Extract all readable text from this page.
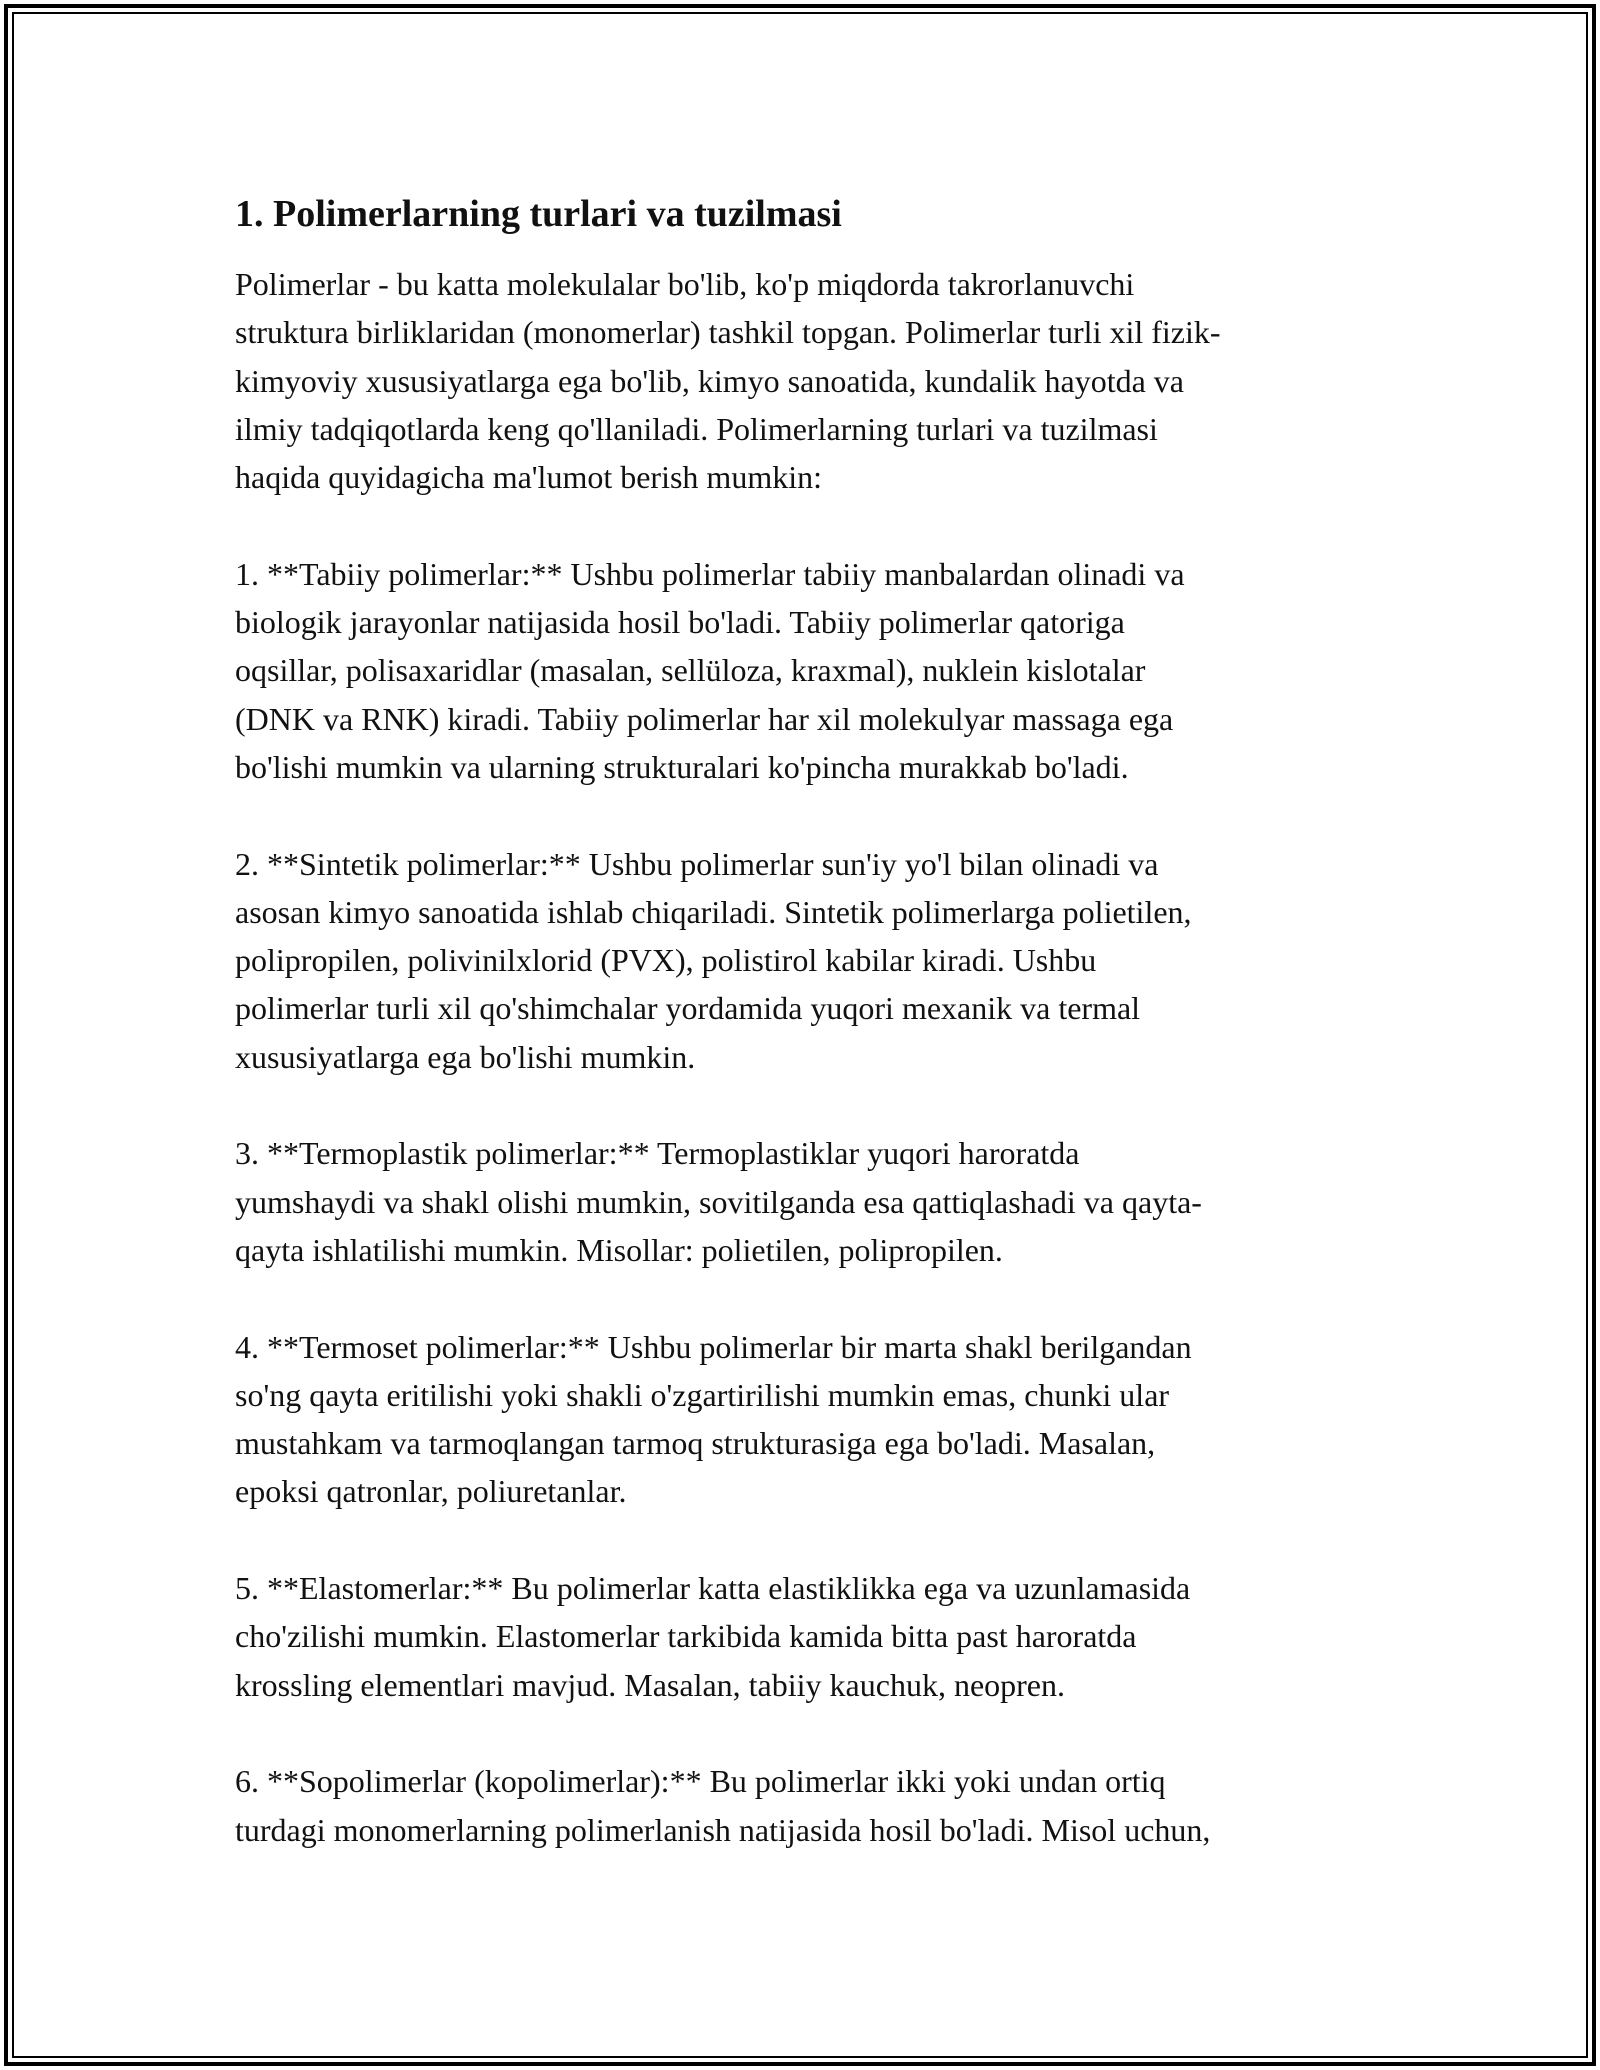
1. Polimerlarning turlari va tuzilmasi

Polimerlar - bu katta molekulalar bo'lib, ko'p miqdorda takrorlanuvchi
struktura birliklaridan (monomerlar) tashkil topgan. Polimerlar turli xil fizik-
kimyoviy xususiyatlarga ega bo'lib, kimyo sanoatida, kundalik hayotda va
ilmiy tadqiqotlarda keng qo'llaniladi. Polimerlarning turlari va tuzilmasi
haqida quyidagicha ma'lumot berish mumkin:

1. **Tabiiy polimerlar:** Ushbu polimerlar tabiiy manbalardan olinadi va
biologik jarayonlar natijasida hosil bo'ladi. Tabiiy polimerlar qatoriga
oqsillar, polisaxaridlar (masalan, sellüloza, kraxmal), nuklein kislotalar
(DNK va RNK) kiradi. Tabiiy polimerlar har xil molekulyar massaga ega
bo'lishi mumkin va ularning strukturalari ko'pincha murakkab bo'ladi.

2. **Sintetik polimerlar:** Ushbu polimerlar sun'iy yo'l bilan olinadi va
asosan kimyo sanoatida ishlab chiqariladi. Sintetik polimerlarga polietilen,
polipropilen, polivinilxlorid (PVX), polistirol kabilar kiradi. Ushbu
polimerlar turli xil qo'shimchalar yordamida yuqori mexanik va termal
xususiyatlarga ega bo'lishi mumkin.

3. **Termoplastik polimerlar:** Termoplastiklar yuqori haroratda
yumshaydi va shakl olishi mumkin, sovitilganda esa qattiqlashadi va qayta-
qayta ishlatilishi mumkin. Misollar: polietilen, polipropilen.

4. **Termoset polimerlar:** Ushbu polimerlar bir marta shakl berilgandan
so'ng qayta eritilishi yoki shakli o'zgartirilishi mumkin emas, chunki ular
mustahkam va tarmoqlangan tarmoq strukturasiga ega bo'ladi. Masalan,
epoksi qatronlar, poliuretanlar.

5. **Elastomerlar:** Bu polimerlar katta elastiklikka ega va uzunlamasida
cho'zilishi mumkin. Elastomerlar tarkibida kamida bitta past haroratda
krossling elementlari mavjud. Masalan, tabiiy kauchuk, neopren.

6. **Sopolimerlar (kopolimerlar):** Bu polimerlar ikki yoki undan ortiq
turdagi monomerlarning polimerlanish natijasida hosil bo'ladi. Misol uchun,
